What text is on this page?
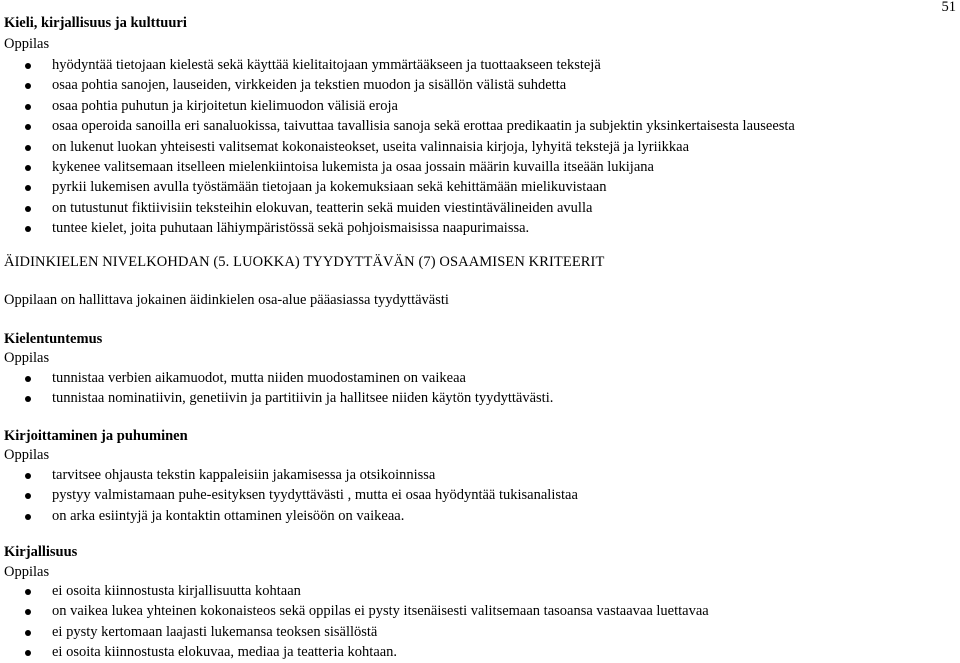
51
Kieli, kirjallisuus ja kulttuuri
Oppilas
hyödyntää tietojaan kielestä sekä käyttää kielitaitojaan ymmärtääkseen ja tuottaakseen tekstejä
osaa pohtia sanojen, lauseiden, virkkeiden ja tekstien muodon ja sisällön välistä suhdetta
osaa pohtia puhutun ja kirjoitetun kielimuodon välisiä eroja
osaa operoida sanoilla eri sanaluokissa, taivuttaa tavallisia sanoja sekä erottaa predikaatin ja subjektin yksinkertaisesta lauseesta
on lukenut luokan yhteisesti valitsemat kokonaisteokset, useita valinnaisia kirjoja, lyhyitä tekstejä ja lyriikkaa
kykenee valitsemaan itselleen mielenkiintoisa lukemista ja osaa jossain määrin kuvailla itseään lukijana
pyrkii lukemisen avulla työstämään tietojaan ja kokemuksiaan sekä kehittämään mielikuvistaan
on tutustunut fiktiivisiin teksteihin elokuvan, teatterin sekä muiden viestintävälineiden avulla
tuntee kielet, joita puhutaan lähiympäristössä sekä pohjoismaisissa naapurimaissa.
ÄIDINKIELEN NIVELKOHDAN (5. LUOKKA) TYYDYTTÄVÄN (7) OSAAMISEN KRITEERIT
Oppilaan on hallittava jokainen äidinkielen osa-alue pääasiassa tyydyttävästi
Kielentuntemus
Oppilas
tunnistaa verbien aikamuodot, mutta niiden muodostaminen on vaikeaa
tunnistaa nominatiivin, genetiivin ja partitiivin ja hallitsee niiden käytön tyydyttävästi.
Kirjoittaminen ja puhuminen
Oppilas
tarvitsee ohjausta tekstin kappaleisiin jakamisessa ja otsikoinnissa
pystyy valmistamaan puhe-esityksen tyydyttävästi , mutta ei osaa hyödyntää tukisanalistaa
on arka esiintyjä ja kontaktin ottaminen yleisöön on vaikeaa.
Kirjallisuus
Oppilas
ei osoita kiinnostusta kirjallisuutta kohtaan
on vaikea lukea yhteinen kokonaisteos sekä oppilas ei pysty itsenäisesti valitsemaan tasoansa vastaavaa luettavaa
ei pysty kertomaan laajasti lukemansa teoksen sisällöstä
ei osoita kiinnostusta elokuvaa, mediaa ja teatteria kohtaan.
